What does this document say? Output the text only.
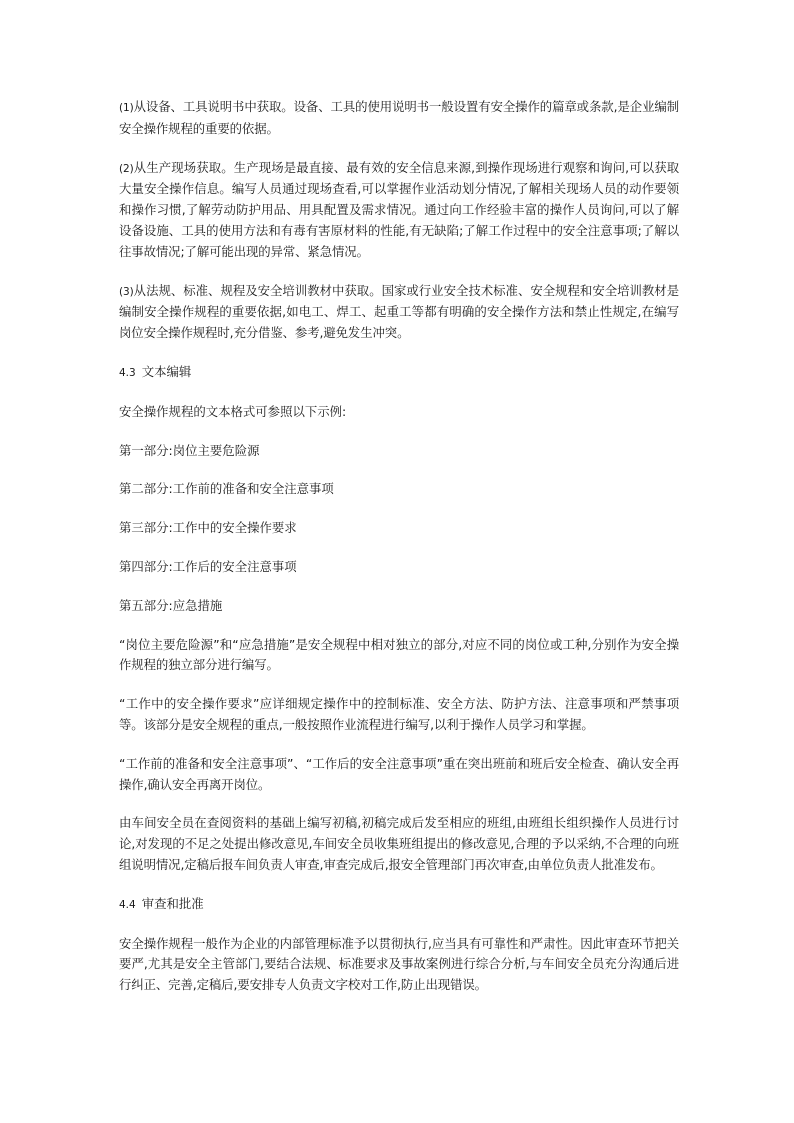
(1)从设备、工具说明书中获取。设备、工具的使用说明书一般设置有安全操作的篇章或条款,是企业编制安全操作规程的重要的依据。

(2)从生产现场获取。生产现场是最直接、最有效的安全信息来源,到操作现场进行观察和询问,可以获取大量安全操作信息。编写人员通过现场查看,可以掌握作业活动划分情况,了解相关现场人员的动作要领和操作习惯,了解劳动防护用品、用具配置及需求情况。通过向工作经验丰富的操作人员询问,可以了解设备设施、工具的使用方法和有毒有害原材料的性能,有无缺陷;了解工作过程中的安全注意事项;了解以往事故情况;了解可能出现的异常、紧急情况。

(3)从法规、标准、规程及安全培训教材中获取。国家或行业安全技术标准、安全规程和安全培训教材是编制安全操作规程的重要依据,如电工、焊工、起重工等都有明确的安全操作方法和禁止性规定,在编写岗位安全操作规程时,充分借鉴、参考,避免发生冲突。

4.3 文本编辑

安全操作规程的文本格式可参照以下示例:

第一部分:岗位主要危险源

第二部分:工作前的准备和安全注意事项

第三部分:工作中的安全操作要求

第四部分:工作后的安全注意事项

第五部分:应急措施

“岗位主要危险源”和“应急措施”是安全规程中相对独立的部分,对应不同的岗位或工种,分别作为安全操作规程的独立部分进行编写。

“工作中的安全操作要求”应详细规定操作中的控制标准、安全方法、防护方法、注意事项和严禁事项等。该部分是安全规程的重点,一般按照作业流程进行编写,以利于操作人员学习和掌握。

“工作前的准备和安全注意事项”、“工作后的安全注意事项”重在突出班前和班后安全检查、确认安全再操作,确认安全再离开岗位。

由车间安全员在查阅资料的基础上编写初稿,初稿完成后发至相应的班组,由班组长组织操作人员进行讨论,对发现的不足之处提出修改意见,车间安全员收集班组提出的修改意见,合理的予以采纳,不合理的向班组说明情况,定稿后报车间负责人审查,审查完成后,报安全管理部门再次审查,由单位负责人批准发布。

4.4 审查和批准

安全操作规程一般作为企业的内部管理标准予以贯彻执行,应当具有可靠性和严肃性。因此审查环节把关要严,尤其是安全主管部门,要结合法规、标准要求及事故案例进行综合分析,与车间安全员充分沟通后进行纠正、完善,定稿后,要安排专人负责文字校对工作,防止出现错误。
